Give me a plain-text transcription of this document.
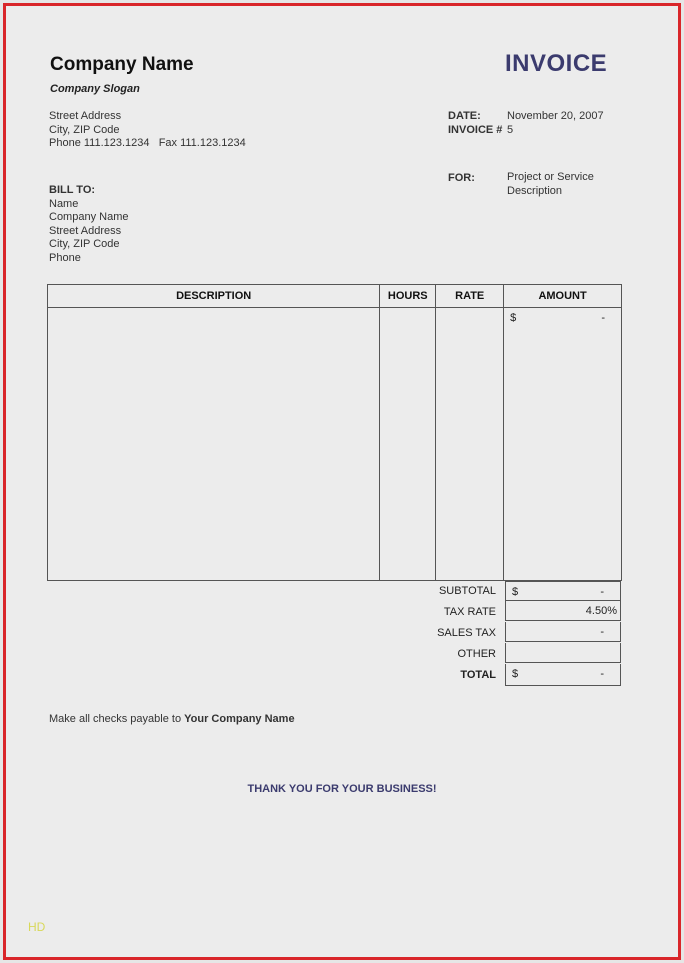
Company Name
Company Slogan
INVOICE
Street Address
City, ZIP Code
Phone 111.123.1234   Fax 111.123.1234
DATE: November 20, 2007
INVOICE # 5
FOR:	Project or Service
Description
BILL TO:
Name
Company Name
Street Address
City, ZIP Code
Phone
DESCRIPTION	HOURS	RATE	AMOUNT

			$ -
SUBTOTAL $	-
TAX RATE	4.50%
SALES TAX	-
OTHER
TOTAL $	-
Make all checks payable to Your Company Name
THANK YOU FOR YOUR BUSINESS!
HD
